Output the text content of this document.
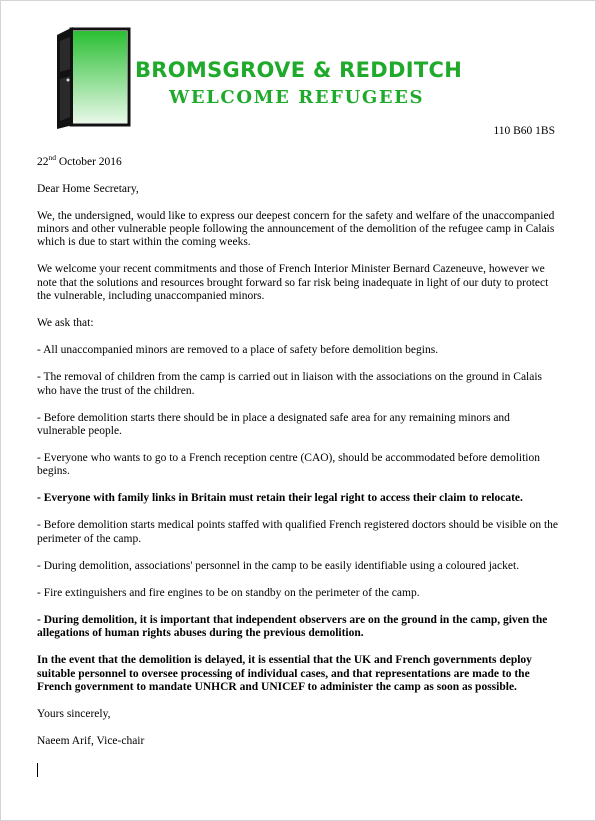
BROMSGROVE & REDDITCH
WELCOME REFUGEES
110 B60 1BS

22nd October 2016

Dear Home Secretary,

We, the undersigned, would like to express our deepest concern for the safety and welfare of the unaccompanied minors and other vulnerable people following the announcement of the demolition of the refugee camp in Calais which is due to start within the coming weeks.

We welcome your recent commitments and those of French Interior Minister Bernard Cazeneuve, however we note that the solutions and resources brought forward so far risk being inadequate in light of our duty to protect the vulnerable, including unaccompanied minors.

We ask that:

- All unaccompanied minors are removed to a place of safety before demolition begins.

- The removal of children from the camp is carried out in liaison with the associations on the ground in Calais who have the trust of the children.

- Before demolition starts there should be in place a designated safe area for any remaining minors and vulnerable people.

- Everyone who wants to go to a French reception centre (CAO), should be accommodated before demolition begins.

- Everyone with family links in Britain must retain their legal right to access their claim to relocate.

- Before demolition starts medical points staffed with qualified French registered doctors should be visible on the perimeter of the camp.

- During demolition, associations' personnel in the camp to be easily identifiable using a coloured jacket.

- Fire extinguishers and fire engines to be on standby on the perimeter of the camp.

- During demolition, it is important that independent observers are on the ground in the camp, given the allegations of human rights abuses during the previous demolition.

In the event that the demolition is delayed, it is essential that the UK and French governments deploy suitable personnel to oversee processing of individual cases, and that representations are made to the French government to mandate UNHCR and UNICEF to administer the camp as soon as possible.

Yours sincerely,

Naeem Arif, Vice-chair
